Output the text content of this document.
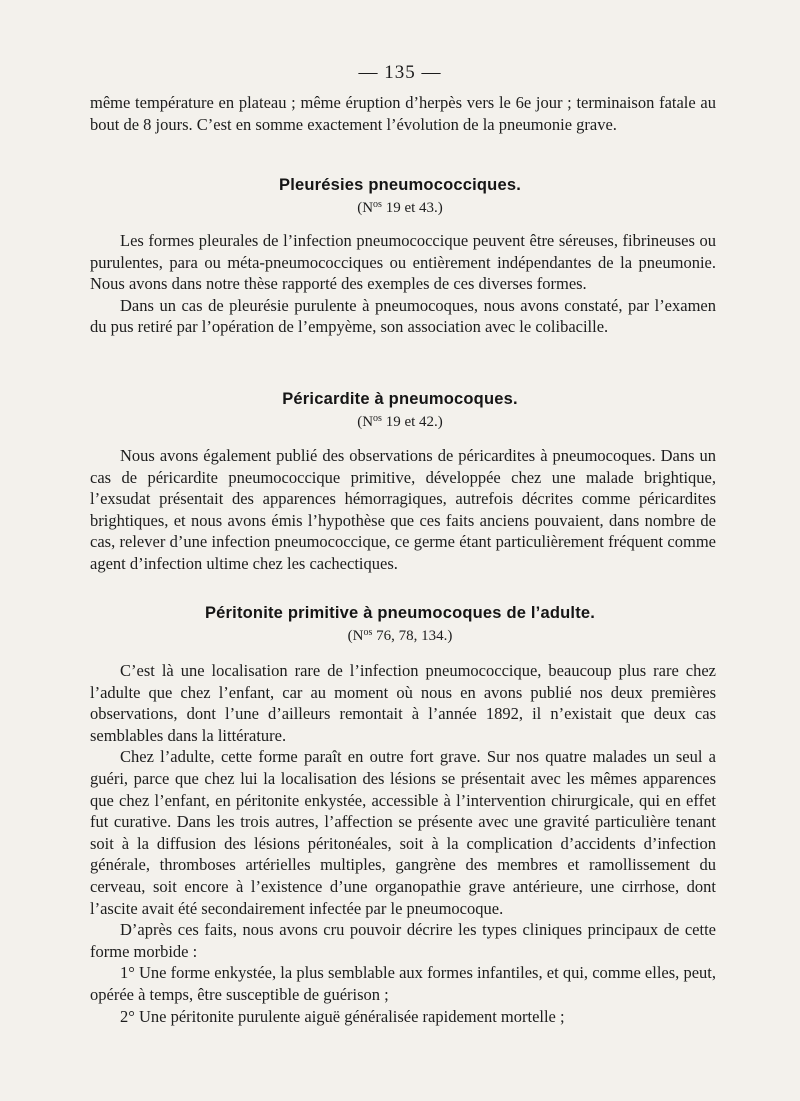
— 135 —

même température en plateau ; même éruption d’herpès vers le 6e jour ; terminaison fatale au bout de 8 jours. C’est en somme exactement l’évolution de la pneumonie grave.

Pleurésies pneumococciques.
($N^{os}$ 19 et 43.)

Les formes pleurales de l’infection pneumococcique peuvent être séreuses, fibrineuses ou purulentes, para ou méta-pneumococciques ou entièrement indépendantes de la pneumonie. Nous avons dans notre thèse rapporté des exemples de ces diverses formes.

Dans un cas de pleurésie purulente à pneumocoques, nous avons constaté, par l’examen du pus retiré par l’opération de l’empyème, son association avec le colibacille.

Péricardite à pneumocoques.
($N^{os}$ 19 et 42.)

Nous avons également publié des observations de péricardites à pneumocoques. Dans un cas de péricardite pneumococcique primitive, développée chez une malade brightique, l’exsudat présentait des apparences hémorragiques, autrefois décrites comme péricardites brightiques, et nous avons émis l’hypothèse que ces faits anciens pouvaient, dans nombre de cas, relever d’une infection pneumococcique, ce germe étant particulièrement fréquent comme agent d’infection ultime chez les cachectiques.

Péritonite primitive à pneumocoques de l’adulte.
($N^{os}$ 76, 78, 134.)

C’est là une localisation rare de l’infection pneumococcique, beaucoup plus rare chez l’adulte que chez l’enfant, car au moment où nous en avons publié nos deux premières observations, dont l’une d’ailleurs remontait à l’année 1892, il n’existait que deux cas semblables dans la littérature.

Chez l’adulte, cette forme paraît en outre fort grave. Sur nos quatre malades un seul a guéri, parce que chez lui la localisation des lésions se présentait avec les mêmes apparences que chez l’enfant, en péritonite enkystée, accessible à l’intervention chirurgicale, qui en effet fut curative. Dans les trois autres, l’affection se présente avec une gravité particulière tenant soit à la diffusion des lésions péritonéales, soit à la complication d’accidents d’infection générale, thromboses artérielles multiples, gangrène des membres et ramollissement du cerveau, soit encore à l’existence d’une organopathie grave antérieure, une cirrhose, dont l’ascite avait été secondairement infectée par le pneumocoque.

D’après ces faits, nous avons cru pouvoir décrire les types cliniques principaux de cette forme morbide :

1° Une forme enkystée, la plus semblable aux formes infantiles, et qui, comme elles, peut, opérée à temps, être susceptible de guérison ;

2° Une péritonite purulente aiguë généralisée rapidement mortelle ;
